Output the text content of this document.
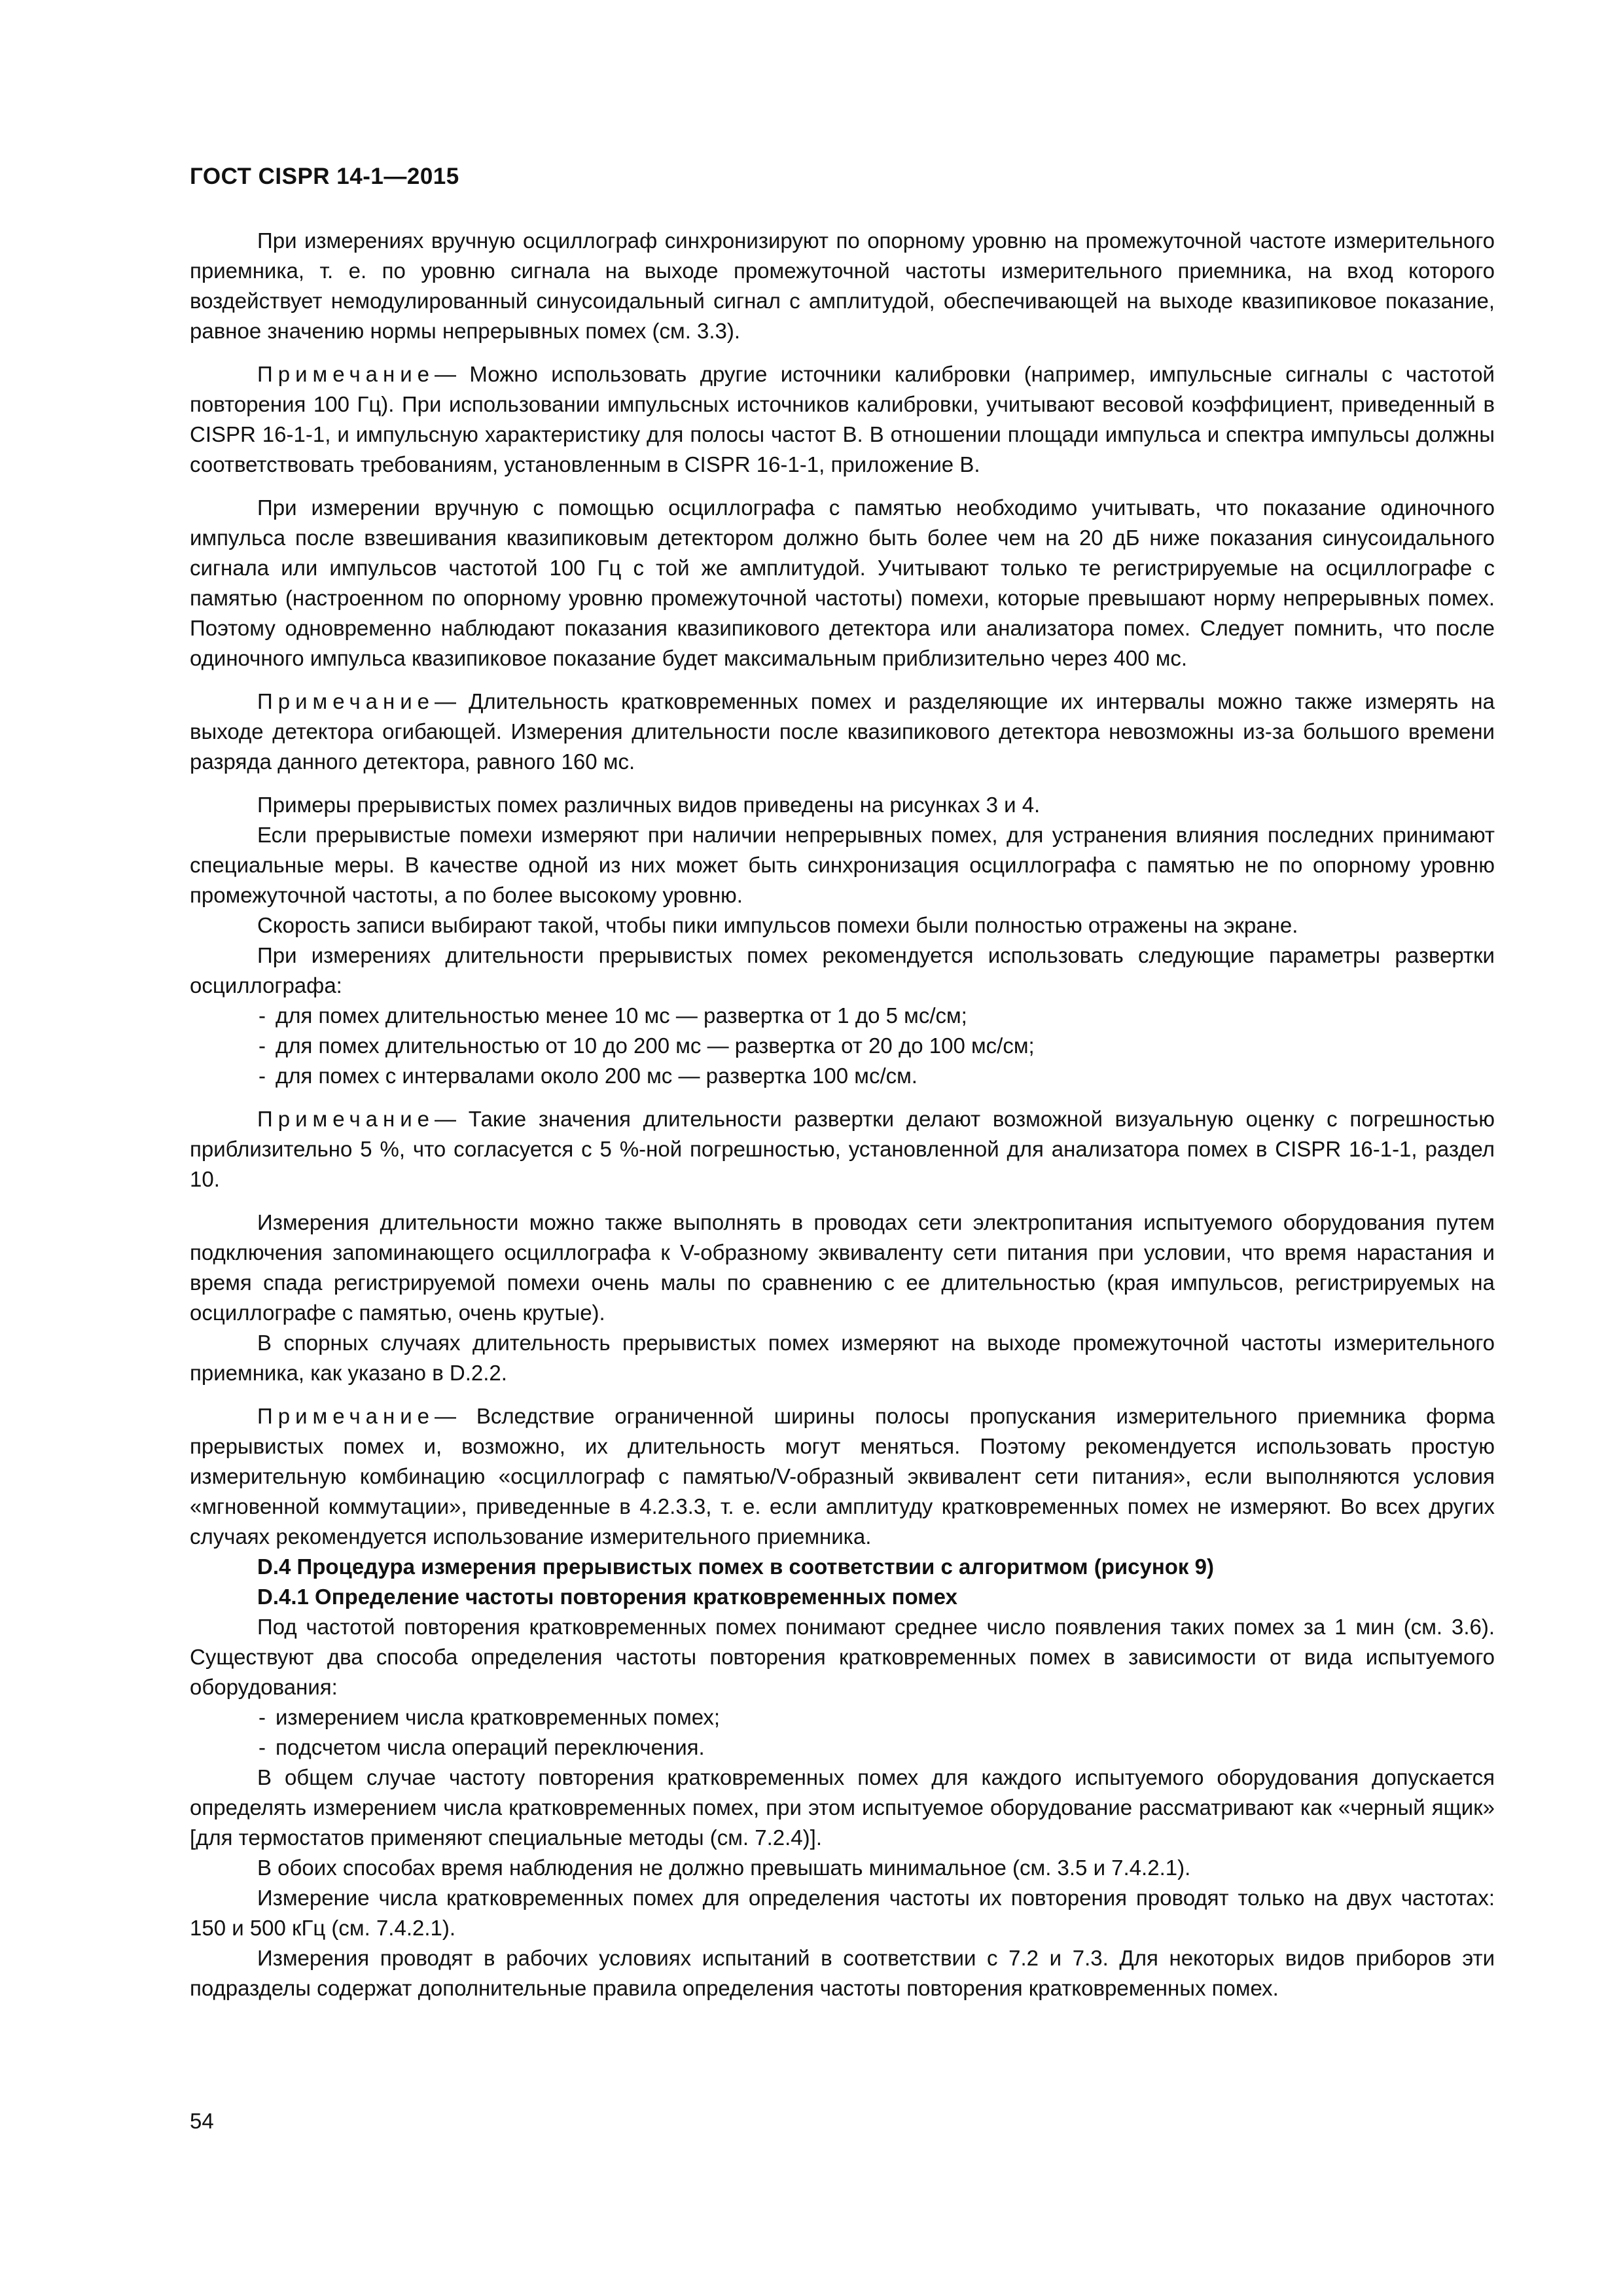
ГОСТ CISPR 14-1—2015

При измерениях вручную осциллограф синхронизируют по опорному уровню на промежуточной частоте измерительного приемника, т. е. по уровню сигнала на выходе промежуточной частоты измерительного приемника, на вход которого воздействует немодулированный синусоидальный сигнал с амплитудой, обеспечивающей на выходе квазипиковое показание, равное значению нормы непрерывных помех (см. 3.3).

Примечание— Можно использовать другие источники калибровки (например, импульсные сигналы с частотой повторения 100 Гц). При использовании импульсных источников калибровки, учитывают весовой коэффициент, приведенный в CISPR 16-1-1, и импульсную характеристику для полосы частот B. В отношении площади импульса и спектра импульсы должны соответствовать требованиям, установленным в CISPR 16-1-1, приложение B.

При измерении вручную с помощью осциллографа с памятью необходимо учитывать, что показание одиночного импульса после взвешивания квазипиковым детектором должно быть более чем на 20 дБ ниже показания синусоидального сигнала или импульсов частотой 100 Гц с той же амплитудой. Учитывают только те регистрируемые на осциллографе с памятью (настроенном по опорному уровню промежуточной частоты) помехи, которые превышают норму непрерывных помех. Поэтому одновременно наблюдают показания квазипикового детектора или анализатора помех. Следует помнить, что после одиночного импульса квазипиковое показание будет максимальным приблизительно через 400 мс.

Примечание— Длительность кратковременных помех и разделяющие их интервалы можно также измерять на выходе детектора огибающей. Измерения длительности после квазипикового детектора невозможны из-за большого времени разряда данного детектора, равного 160 мс.

Примеры прерывистых помех различных видов приведены на рисунках 3 и 4.

Если прерывистые помехи измеряют при наличии непрерывных помех, для устранения влияния последних принимают специальные меры. В качестве одной из них может быть синхронизация осциллографа с памятью не по опорному уровню промежуточной частоты, а по более высокому уровню.

Скорость записи выбирают такой, чтобы пики импульсов помехи были полностью отражены на экране.

При измерениях длительности прерывистых помех рекомендуется использовать следующие параметры развертки осциллографа:

- для помех длительностью менее 10 мс — развертка от 1 до 5 мс/см;

- для помех длительностью от 10 до 200 мс — развертка от 20 до 100 мс/см;

- для помех с интервалами около 200 мс — развертка 100 мс/см.

Примечание— Такие значения длительности развертки делают возможной визуальную оценку с погрешностью приблизительно 5 %, что согласуется с 5 %-ной погрешностью, установленной для анализатора помех в CISPR 16-1-1, раздел 10.

Измерения длительности можно также выполнять в проводах сети электропитания испытуемого оборудования путем подключения запоминающего осциллографа к V-образному эквиваленту сети питания при условии, что время нарастания и время спада регистрируемой помехи очень малы по сравнению с ее длительностью (края импульсов, регистрируемых на осциллографе с памятью, очень крутые).

В спорных случаях длительность прерывистых помех измеряют на выходе промежуточной частоты измерительного приемника, как указано в D.2.2.

Примечание— Вследствие ограниченной ширины полосы пропускания измерительного приемника форма прерывистых помех и, возможно, их длительность могут меняться. Поэтому рекомендуется использовать простую измерительную комбинацию «осциллограф с памятью/V-образный эквивалент сети питания», если выполняются условия «мгновенной коммутации», приведенные в 4.2.3.3, т. е. если амплитуду кратковременных помех не измеряют. Во всех других случаях рекомендуется использование измерительного приемника.

D.4 Процедура измерения прерывистых помех в соответствии с алгоритмом (рисунок 9)

D.4.1 Определение частоты повторения кратковременных помех

Под частотой повторения кратковременных помех понимают среднее число появления таких помех за 1 мин (см. 3.6). Существуют два способа определения частоты повторения кратковременных помех в зависимости от вида испытуемого оборудования:

- измерением числа кратковременных помех;

- подсчетом числа операций переключения.

В общем случае частоту повторения кратковременных помех для каждого испытуемого оборудования допускается определять измерением числа кратковременных помех, при этом испытуемое оборудование рассматривают как «черный ящик» [для термостатов применяют специальные методы (см. 7.2.4)].

В обоих способах время наблюдения не должно превышать минимальное (см. 3.5 и 7.4.2.1).

Измерение числа кратковременных помех для определения частоты их повторения проводят только на двух частотах: 150 и 500 кГц (см. 7.4.2.1).

Измерения проводят в рабочих условиях испытаний в соответствии с 7.2 и 7.3. Для некоторых видов приборов эти подразделы содержат дополнительные правила определения частоты повторения кратковременных помех.

54
